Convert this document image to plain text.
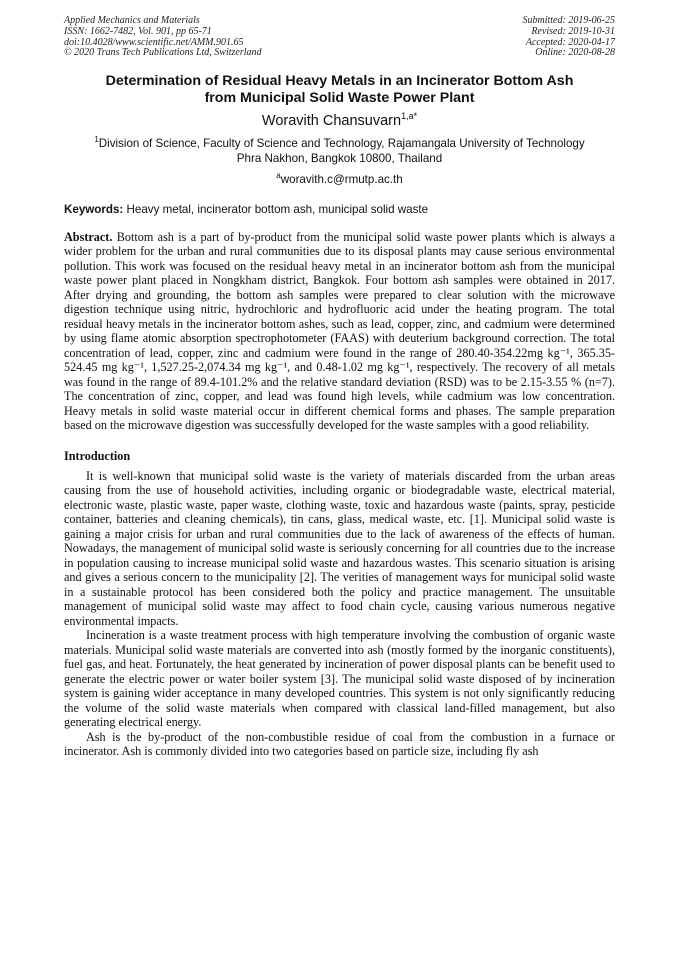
Applied Mechanics and Materials
ISSN: 1662-7482, Vol. 901, pp 65-71
doi:10.4028/www.scientific.net/AMM.901.65
© 2020 Trans Tech Publications Ltd, Switzerland
Submitted: 2019-06-25
Revised: 2019-10-31
Accepted: 2020-04-17
Online: 2020-08-28
Determination of Residual Heavy Metals in an Incinerator Bottom Ash
from Municipal Solid Waste Power Plant
Woravith Chansuvarn$^{1,a*}$
$^1$Division of Science, Faculty of Science and Technology, Rajamangala University of Technology
Phra Nakhon, Bangkok 10800, Thailand
$^a$woravith.c@rmutp.ac.th
Keywords: Heavy metal, incinerator bottom ash, municipal solid waste
Abstract. Bottom ash is a part of by-product from the municipal solid waste power plants which is always a wider problem for the urban and rural communities due to its disposal plants may cause serious environmental pollution. This work was focused on the residual heavy metal in an incinerator bottom ash from the municipal waste power plant placed in Nongkham district, Bangkok. Four bottom ash samples were obtained in 2017. After drying and grounding, the bottom ash samples were prepared to clear solution with the microwave digestion technique using nitric, hydrochloric and hydrofluoric acid under the heating program. The total residual heavy metals in the incinerator bottom ashes, such as lead, copper, zinc, and cadmium were determined by using flame atomic absorption spectrophotometer (FAAS) with deuterium background correction. The total concentration of lead, copper, zinc and cadmium were found in the range of 280.40-354.22mg kg⁻¹, 365.35-524.45 mg kg⁻¹, 1,527.25-2,074.34 mg kg⁻¹, and 0.48-1.02 mg kg⁻¹, respectively. The recovery of all metals was found in the range of 89.4-101.2% and the relative standard deviation (RSD) was to be 2.15-3.55 % (n=7). The concentration of zinc, copper, and lead was found high levels, while cadmium was low concentration. Heavy metals in solid waste material occur in different chemical forms and phases. The sample preparation based on the microwave digestion was successfully developed for the waste samples with a good reliability.
Introduction

It is well-known that municipal solid waste is the variety of materials discarded from the urban areas causing from the use of household activities, including organic or biodegradable waste, electrical material, electronic waste, plastic waste, paper waste, clothing waste, toxic and hazardous waste (paints, spray, pesticide container, batteries and cleaning chemicals), tin cans, glass, medical waste, etc. [1]. Municipal solid waste is gaining a major crisis for urban and rural communities due to the lack of awareness of the effects of human. Nowadays, the management of municipal solid waste is seriously concerning for all countries due to the increase in population causing to increase municipal solid waste and hazardous wastes. This scenario situation is arising and gives a serious concern to the municipality [2]. The verities of management ways for municipal solid waste in a sustainable protocol has been considered both the policy and practice management. The unsuitable management of municipal solid waste may affect to food chain cycle, causing various numerous negative environmental impacts.

Incineration is a waste treatment process with high temperature involving the combustion of organic waste materials. Municipal solid waste materials are converted into ash (mostly formed by the inorganic constituents), fuel gas, and heat. Fortunately, the heat generated by incineration of power disposal plants can be benefit used to generate the electric power or water boiler system [3]. The municipal solid waste disposed of by incineration system is gaining wider acceptance in many developed countries. This system is not only significantly reducing the volume of the solid waste materials when compared with classical land-filled management, but also generating electrical energy.

Ash is the by-product of the non-combustible residue of coal from the combustion in a furnace or incinerator. Ash is commonly divided into two categories based on particle size, including fly ash
